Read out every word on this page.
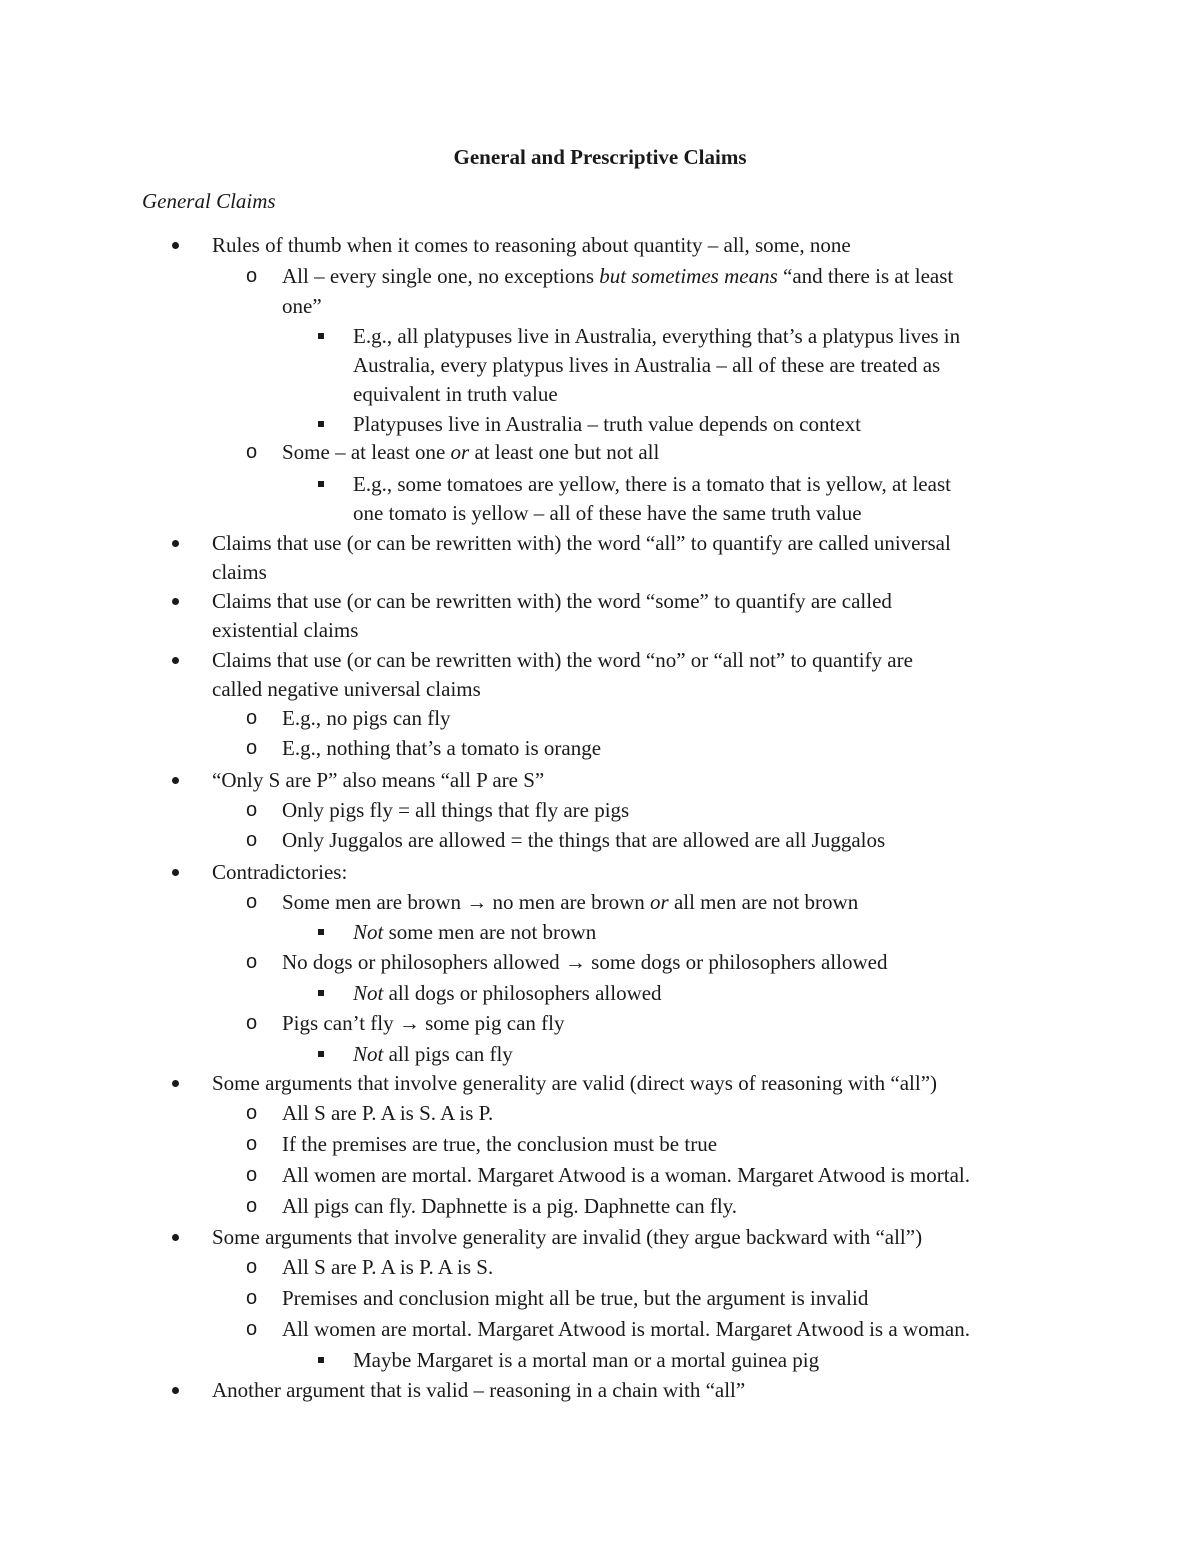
General and Prescriptive Claims
General Claims
Rules of thumb when it comes to reasoning about quantity – all, some, none
o All – every single one, no exceptions but sometimes means “and there is at least
one”
E.g., all platypuses live in Australia, everything that’s a platypus lives in
Australia, every platypus lives in Australia – all of these are treated as
equivalent in truth value
Platypuses live in Australia – truth value depends on context
o Some – at least one or at least one but not all
E.g., some tomatoes are yellow, there is a tomato that is yellow, at least
one tomato is yellow – all of these have the same truth value
Claims that use (or can be rewritten with) the word “all” to quantify are called universal
claims
Claims that use (or can be rewritten with) the word “some” to quantify are called
existential claims
Claims that use (or can be rewritten with) the word “no” or “all not” to quantify are
called negative universal claims
o E.g., no pigs can fly
o E.g., nothing that’s a tomato is orange
“Only S are P” also means “all P are S”
o Only pigs fly = all things that fly are pigs
o Only Juggalos are allowed = the things that are allowed are all Juggalos
Contradictories:
o Some men are brown → no men are brown or all men are not brown
Not some men are not brown
o No dogs or philosophers allowed → some dogs or philosophers allowed
Not all dogs or philosophers allowed
o Pigs can’t fly → some pig can fly
Not all pigs can fly
Some arguments that involve generality are valid (direct ways of reasoning with “all”)
o All S are P. A is S. A is P.
o If the premises are true, the conclusion must be true
o All women are mortal. Margaret Atwood is a woman. Margaret Atwood is mortal.
o All pigs can fly. Daphnette is a pig. Daphnette can fly.
Some arguments that involve generality are invalid (they argue backward with “all”)
o All S are P. A is P. A is S.
o Premises and conclusion might all be true, but the argument is invalid
o All women are mortal. Margaret Atwood is mortal. Margaret Atwood is a woman.
Maybe Margaret is a mortal man or a mortal guinea pig
Another argument that is valid – reasoning in a chain with “all”
